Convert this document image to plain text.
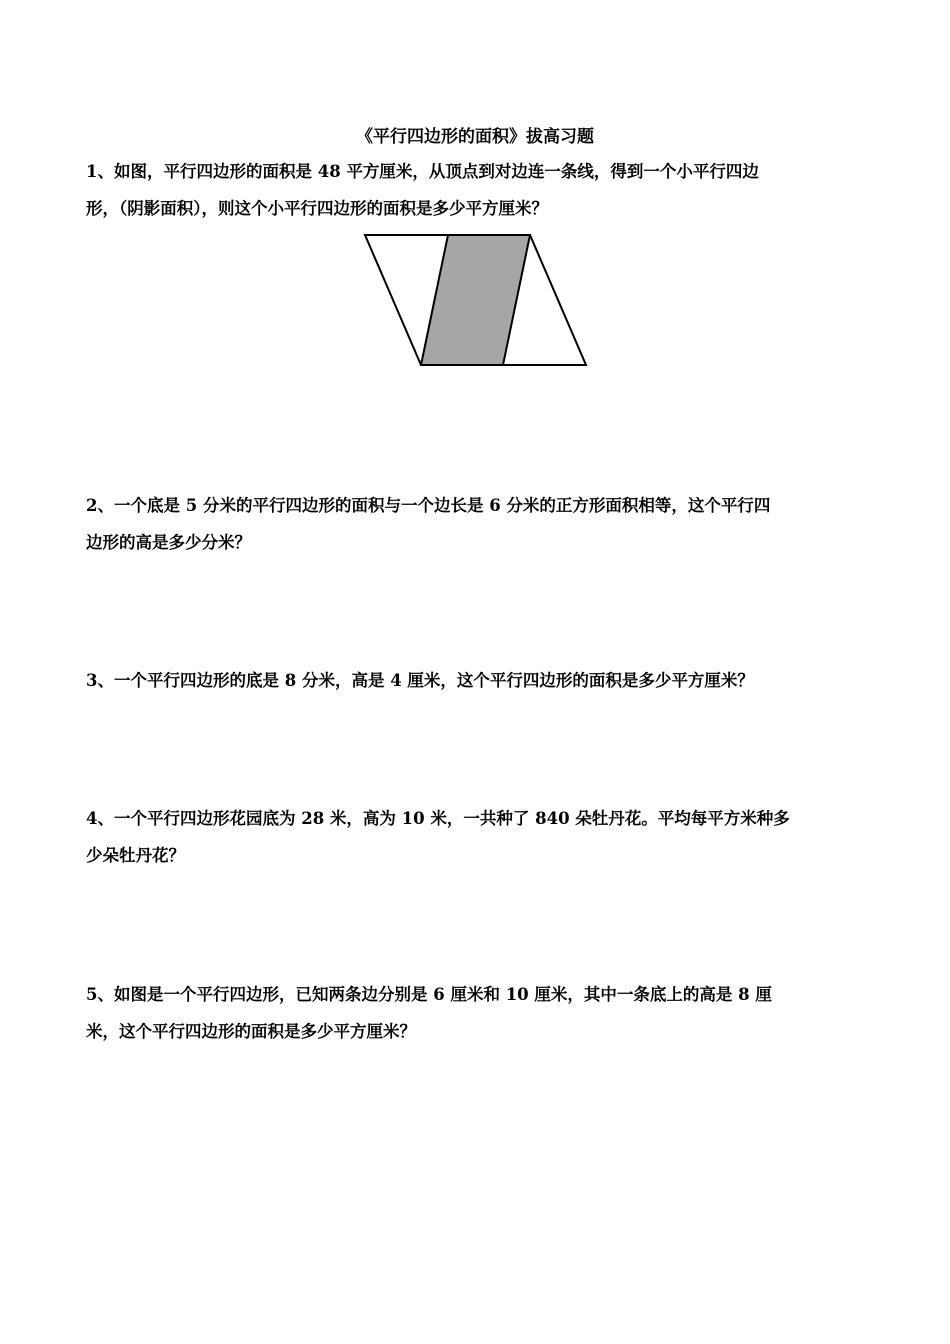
《平行四边形的面积》拔高习题
1、如图，平行四边形的面积是 48 平方厘米，从顶点到对边连一条线，得到一个小平行四边
形，（阴影面积），则这个小平行四边形的面积是多少平方厘米？
2、一个底是 5 分米的平行四边形的面积与一个边长是 6 分米的正方形面积相等，这个平行四
边形的高是多少分米？
3、一个平行四边形的底是 8 分米，高是 4 厘米，这个平行四边形的面积是多少平方厘米？
4、一个平行四边形花园底为 28 米，高为 10 米，一共种了 840 朵牡丹花。平均每平方米种多
少朵牡丹花？
5、如图是一个平行四边形，已知两条边分别是 6 厘米和 10 厘米，其中一条底上的高是 8 厘
米，这个平行四边形的面积是多少平方厘米？
